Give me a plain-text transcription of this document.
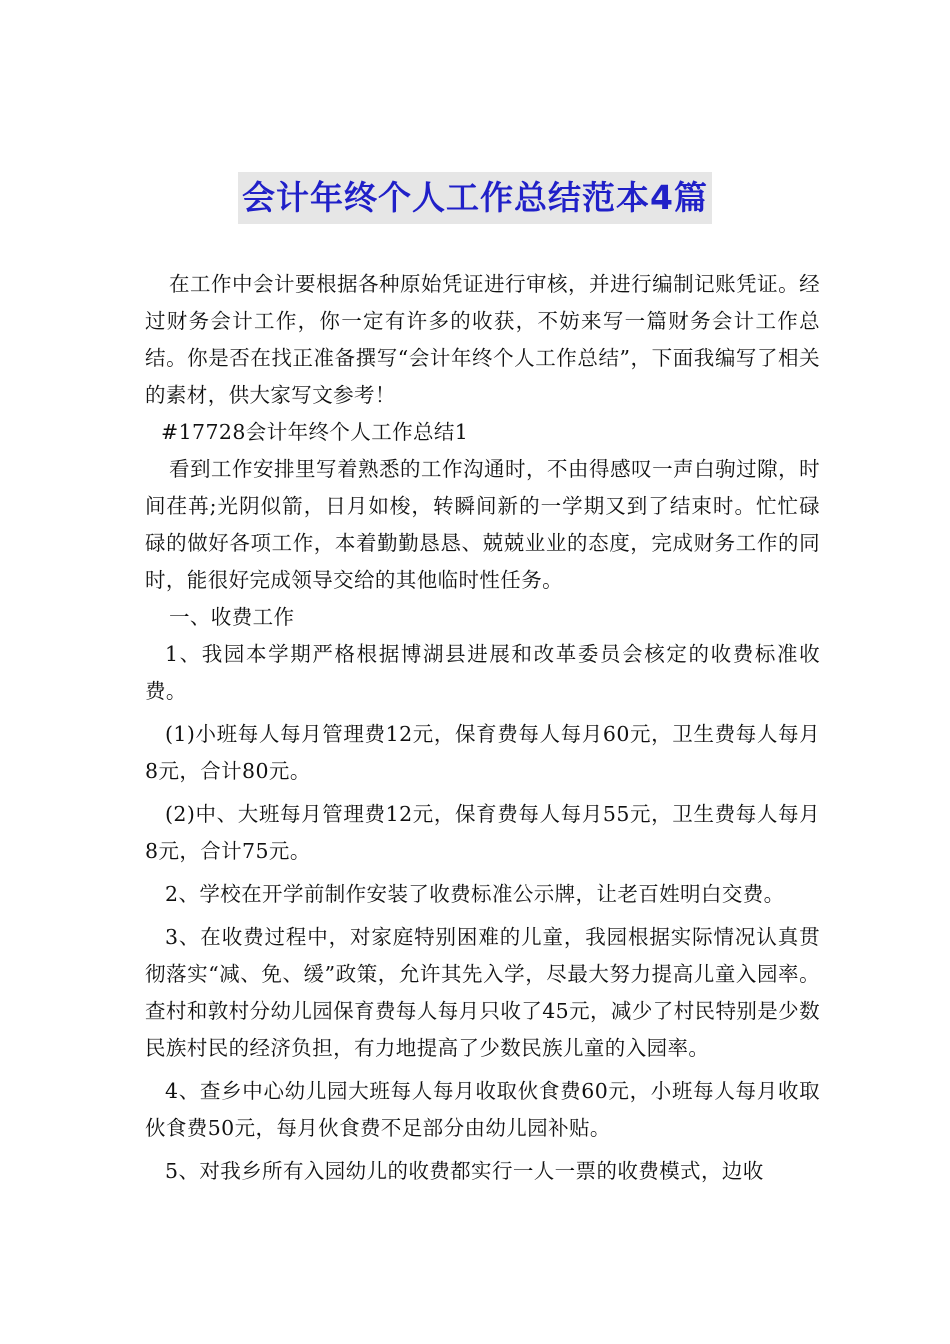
会计年终个人工作总结范本4篇

在工作中会计要根据各种原始凭证进行审核，并进行编制记账凭证。经过财务会计工作，你一定有许多的收获，不妨来写一篇财务会计工作总结。你是否在找正准备撰写“会计年终个人工作总结”，下面我编写了相关的素材，供大家写文参考！

#17728会计年终个人工作总结1

看到工作安排里写着熟悉的工作沟通时，不由得感叹一声白驹过隙，时间荏苒;光阴似箭，日月如梭，转瞬间新的一学期又到了结束时。忙忙碌碌的做好各项工作，本着勤勤恳恳、兢兢业业的态度，完成财务工作的同时，能很好完成领导交给的其他临时性任务。

一、收费工作

1、我园本学期严格根据博湖县进展和改革委员会核定的收费标准收费。

(1)小班每人每月管理费12元，保育费每人每月60元，卫生费每人每月8元，合计80元。

(2)中、大班每月管理费12元，保育费每人每月55元，卫生费每人每月8元，合计75元。

2、学校在开学前制作安装了收费标准公示牌，让老百姓明白交费。

3、在收费过程中，对家庭特别困难的儿童，我园根据实际情况认真贯彻落实“减、免、缓”政策，允许其先入学，尽最大努力提高儿童入园率。查村和敦村分幼儿园保育费每人每月只收了45元，减少了村民特别是少数民族村民的经济负担，有力地提高了少数民族儿童的入园率。

4、查乡中心幼儿园大班每人每月收取伙食费60元，小班每人每月收取伙食费50元，每月伙食费不足部分由幼儿园补贴。

5、对我乡所有入园幼儿的收费都实行一人一票的收费模式，边收
